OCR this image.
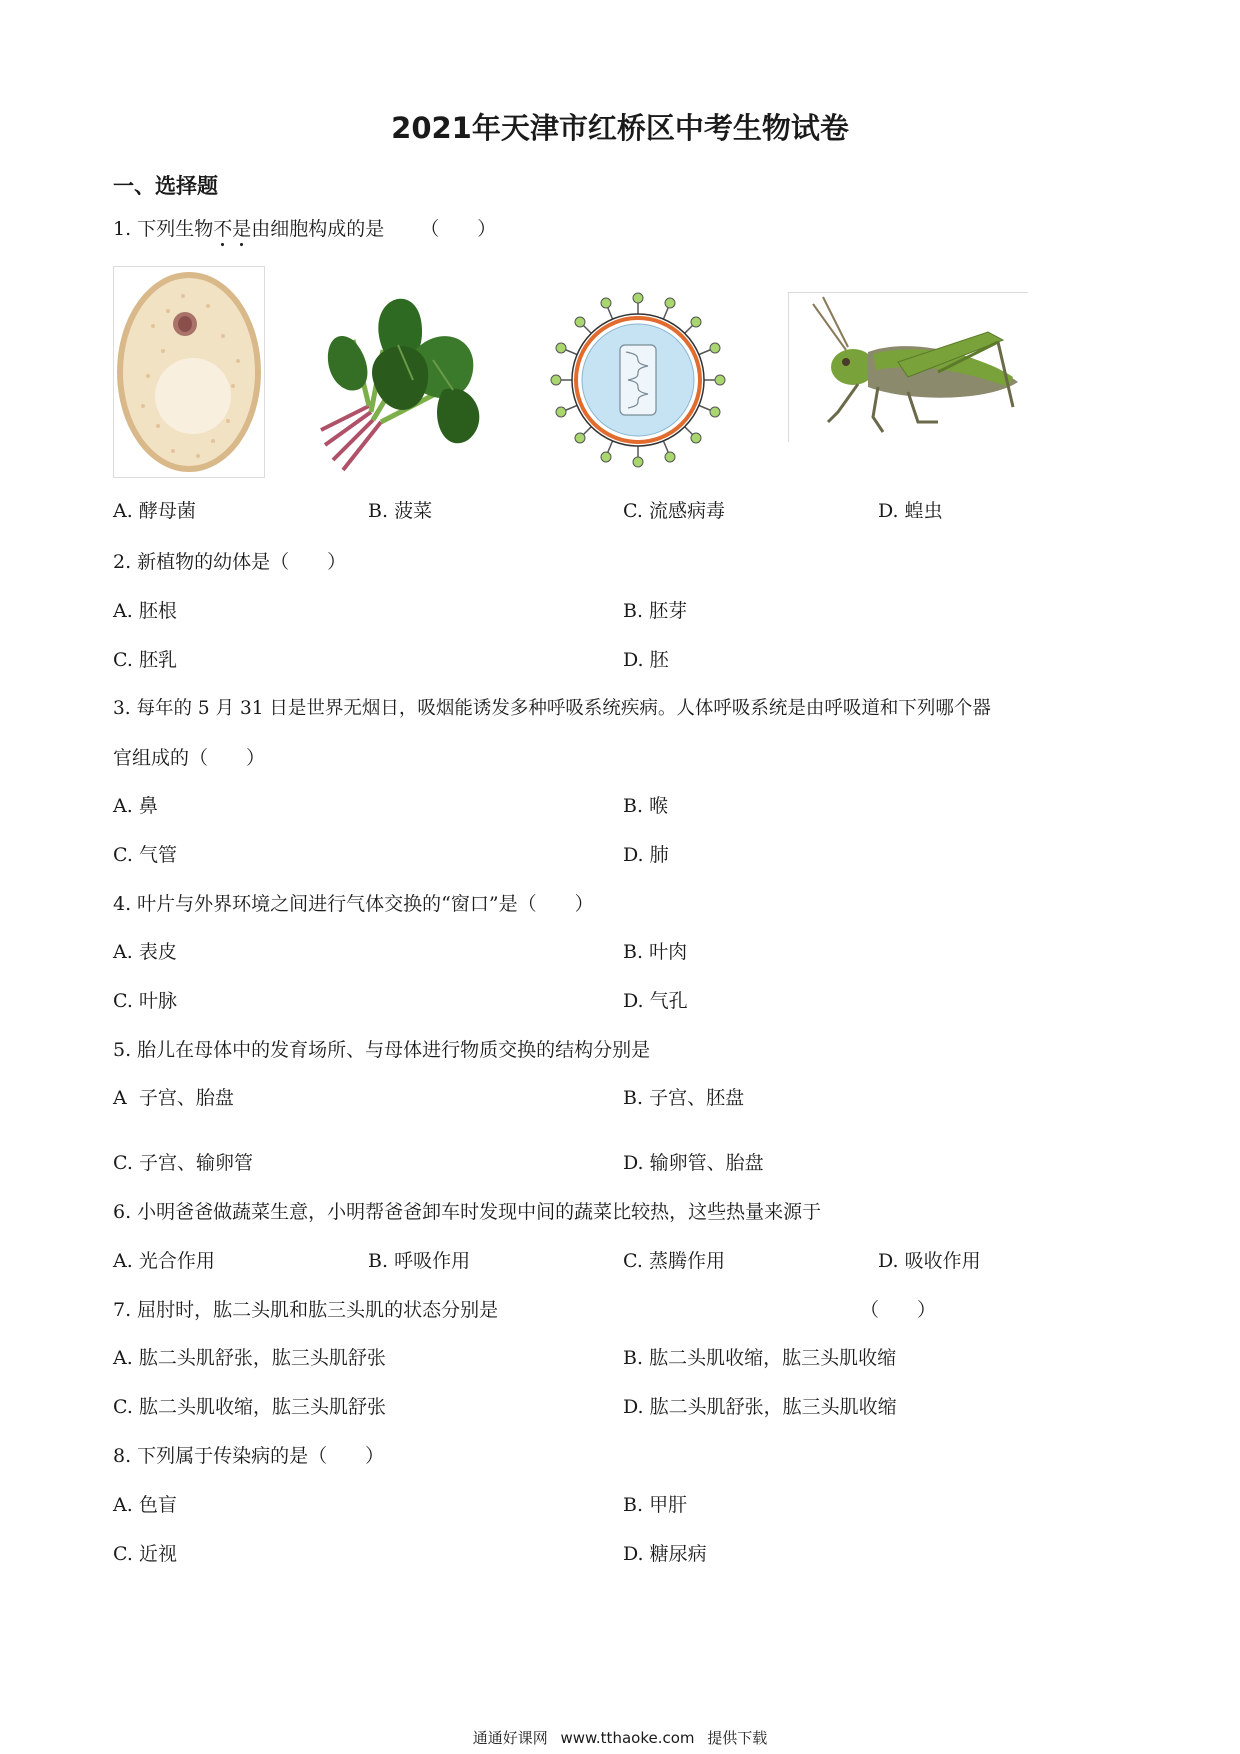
2021年天津市红桥区中考生物试卷
一、选择题
1. 下列生物不是由细胞构成的是 （　　）
A. 酵母菌	B. 菠菜	C. 流感病毒	D. 蝗虫
2. 新植物的幼体是（　　）
A. 胚根	B. 胚芽
C. 胚乳	D. 胚
3. 每年的 5 月 31 日是世界无烟日，吸烟能诱发多种呼吸系统疾病。人体呼吸系统是由呼吸道和下列哪个器
官组成的（　　）
A. 鼻	B. 喉
C. 气管	D. 肺
4. 叶片与外界环境之间进行气体交换的“窗口”是（　　）
A. 表皮	B. 叶肉
C. 叶脉	D. 气孔
5. 胎儿在母体中的发育场所、与母体进行物质交换的结构分别是
A 子宫、胎盘	B. 子宫、胚盘
C. 子宫、输卵管	D. 输卵管、胎盘
6. 小明爸爸做蔬菜生意，小明帮爸爸卸车时发现中间的蔬菜比较热，这些热量来源于
A. 光合作用	B. 呼吸作用	C. 蒸腾作用	D. 吸收作用
7. 屈肘时，肱二头肌和肱三头肌的状态分别是	（　　）
A. 肱二头肌舒张，肱三头肌舒张	B. 肱二头肌收缩，肱三头肌收缩
C. 肱二头肌收缩，肱三头肌舒张	D. 肱二头肌舒张，肱三头肌收缩
8. 下列属于传染病的是（　　）
A. 色盲	B. 甲肝
C. 近视	D. 糖尿病
通通好课网 www.tthaoke.com 提供下载
